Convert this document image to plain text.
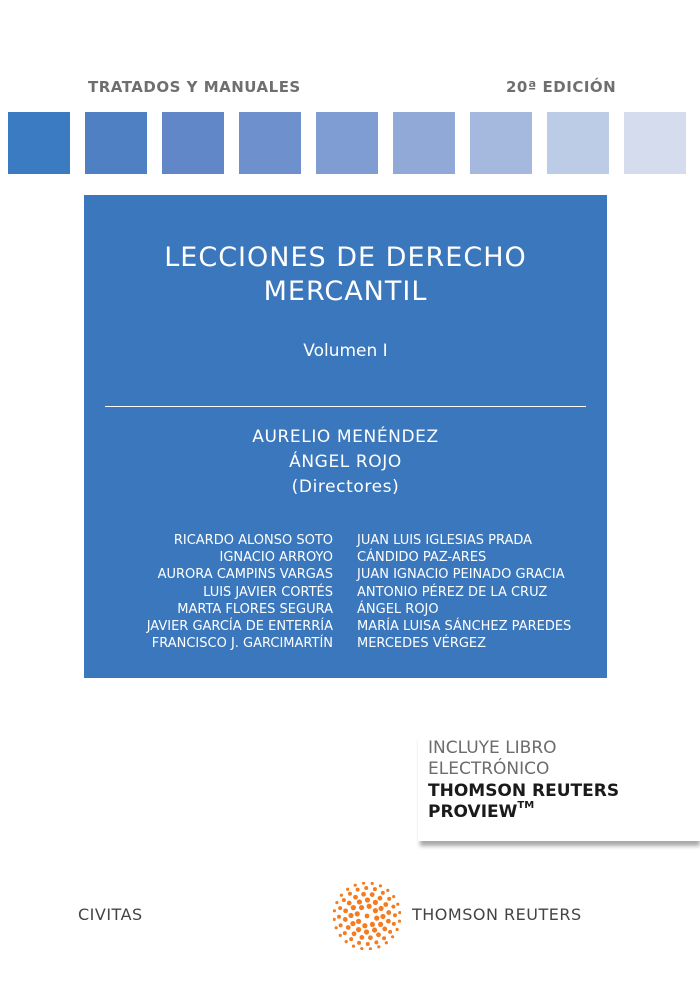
TRATADOS Y MANUALES	20ª EDICIÓN
LECCIONES DE DERECHO
MERCANTIL
Volumen I
AURELIO MENÉNDEZ
ÁNGEL ROJO
(Directores)
RICARDO ALONSO SOTO
IGNACIO ARROYO
AURORA CAMPINS VARGAS
LUIS JAVIER CORTÉS
MARTA FLORES SEGURA
JAVIER GARCÍA DE ENTERRÍA
FRANCISCO J. GARCIMARTÍN
JUAN LUIS IGLESIAS PRADA
CÁNDIDO PAZ-ARES
JUAN IGNACIO PEINADO GRACIA
ANTONIO PÉREZ DE LA CRUZ
ÁNGEL ROJO
MARÍA LUISA SÁNCHEZ PAREDES
MERCEDES VÉRGEZ
INCLUYE LIBRO
ELECTRÓNICO
THOMSON REUTERS
PROVIEW™
CIVITAS	THOMSON REUTERS
